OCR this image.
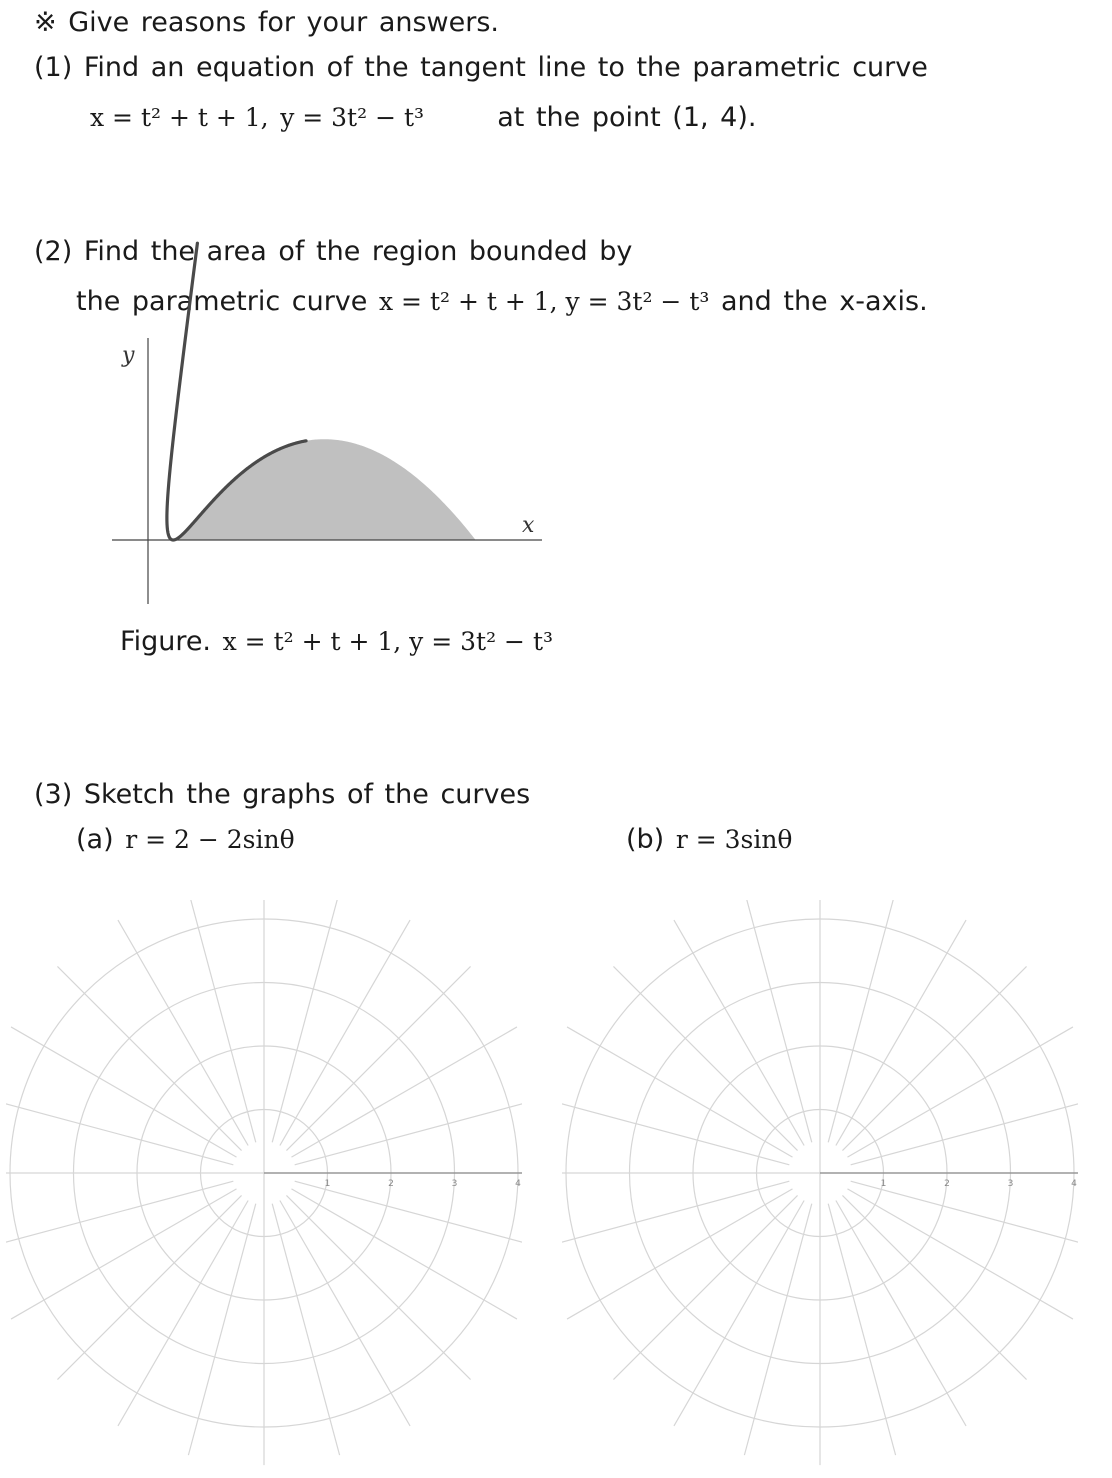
※ Give reasons for your answers.
(1) Find an equation of the tangent line to the parametric curve
x = t² + t + 1, y = 3t² − t³	at the point (1, 4).
(2) Find the area of the region bounded by
the parametric curve x = t² + t + 1, y = 3t² − t³ and the x-axis.
Figure. x = t² + t + 1, y = 3t² − t³
(3) Sketch the graphs of the curves
(a) r = 2 − 2sinθ	(b) r = 3sinθ
y
x
1	2	3	4	1	2	3	4
